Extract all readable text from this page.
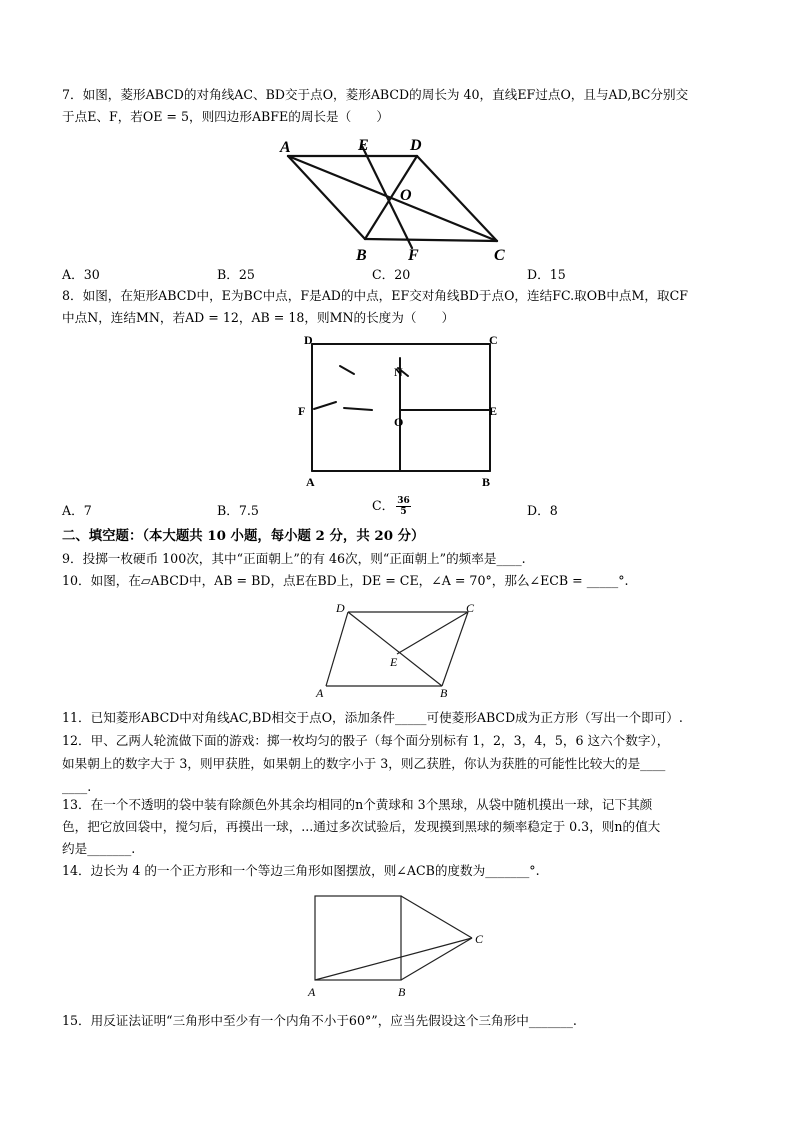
7．如图，菱形ABCD的对角线AC、BD交于点O，菱形ABCD的周长为 40，直线EF过点O，且与AD,BC分别交
于点E、F，若OE = 5，则四边形ABFE的周长是（　　）
A	E	D
O
B	F	C
A．30	B．25	C．20	D．15
8．如图，在矩形ABCD中，E为BC中点，F是AD的中点，EF交对角线BD于点O，连结FC.取OB中点M，取CF
中点N，连结MN，若AD = 12，AB = 18，则MN的长度为（　　）
D	C
N
F
O
E
A	B
A．7	B．7.5	C． $\frac{36}{5}$	D．8
二、填空题：（本大题共 10 小题，每小题 2 分，共 20 分）
9．投掷一枚硬币 100次，其中“正面朝上”的有 46次，则“正面朝上”的频率是____.
10．如图，在▱ABCD中，AB = BD，点E在BD上，DE = CE，∠A = 70°，那么∠ECB = _____°.
D	C
E
A	B
11．已知菱形ABCD中对角线AC,BD相交于点O，添加条件_____可使菱形ABCD成为正方形（写出一个即可）.
12．甲、乙两人轮流做下面的游戏：掷一枚均匀的骰子（每个面分别标有 1，2，3，4，5，6 这六个数字），
如果朝上的数字大于 3，则甲获胜，如果朝上的数字小于 3，则乙获胜，你认为获胜的可能性比较大的是____
____.
13．在一个不透明的袋中装有除颜色外其余均相同的n个黄球和 3个黑球，从袋中随机摸出一球，记下其颜
色，把它放回袋中，搅匀后，再摸出一球，...通过多次试验后，发现摸到黑球的频率稳定于 0.3，则n的值大
约是_______.
14．边长为 4 的一个正方形和一个等边三角形如图摆放，则∠ACB的度数为_______°.
A	B
C
15．用反证法证明“三角形中至少有一个内角不小于60°”，应当先假设这个三角形中_______.
